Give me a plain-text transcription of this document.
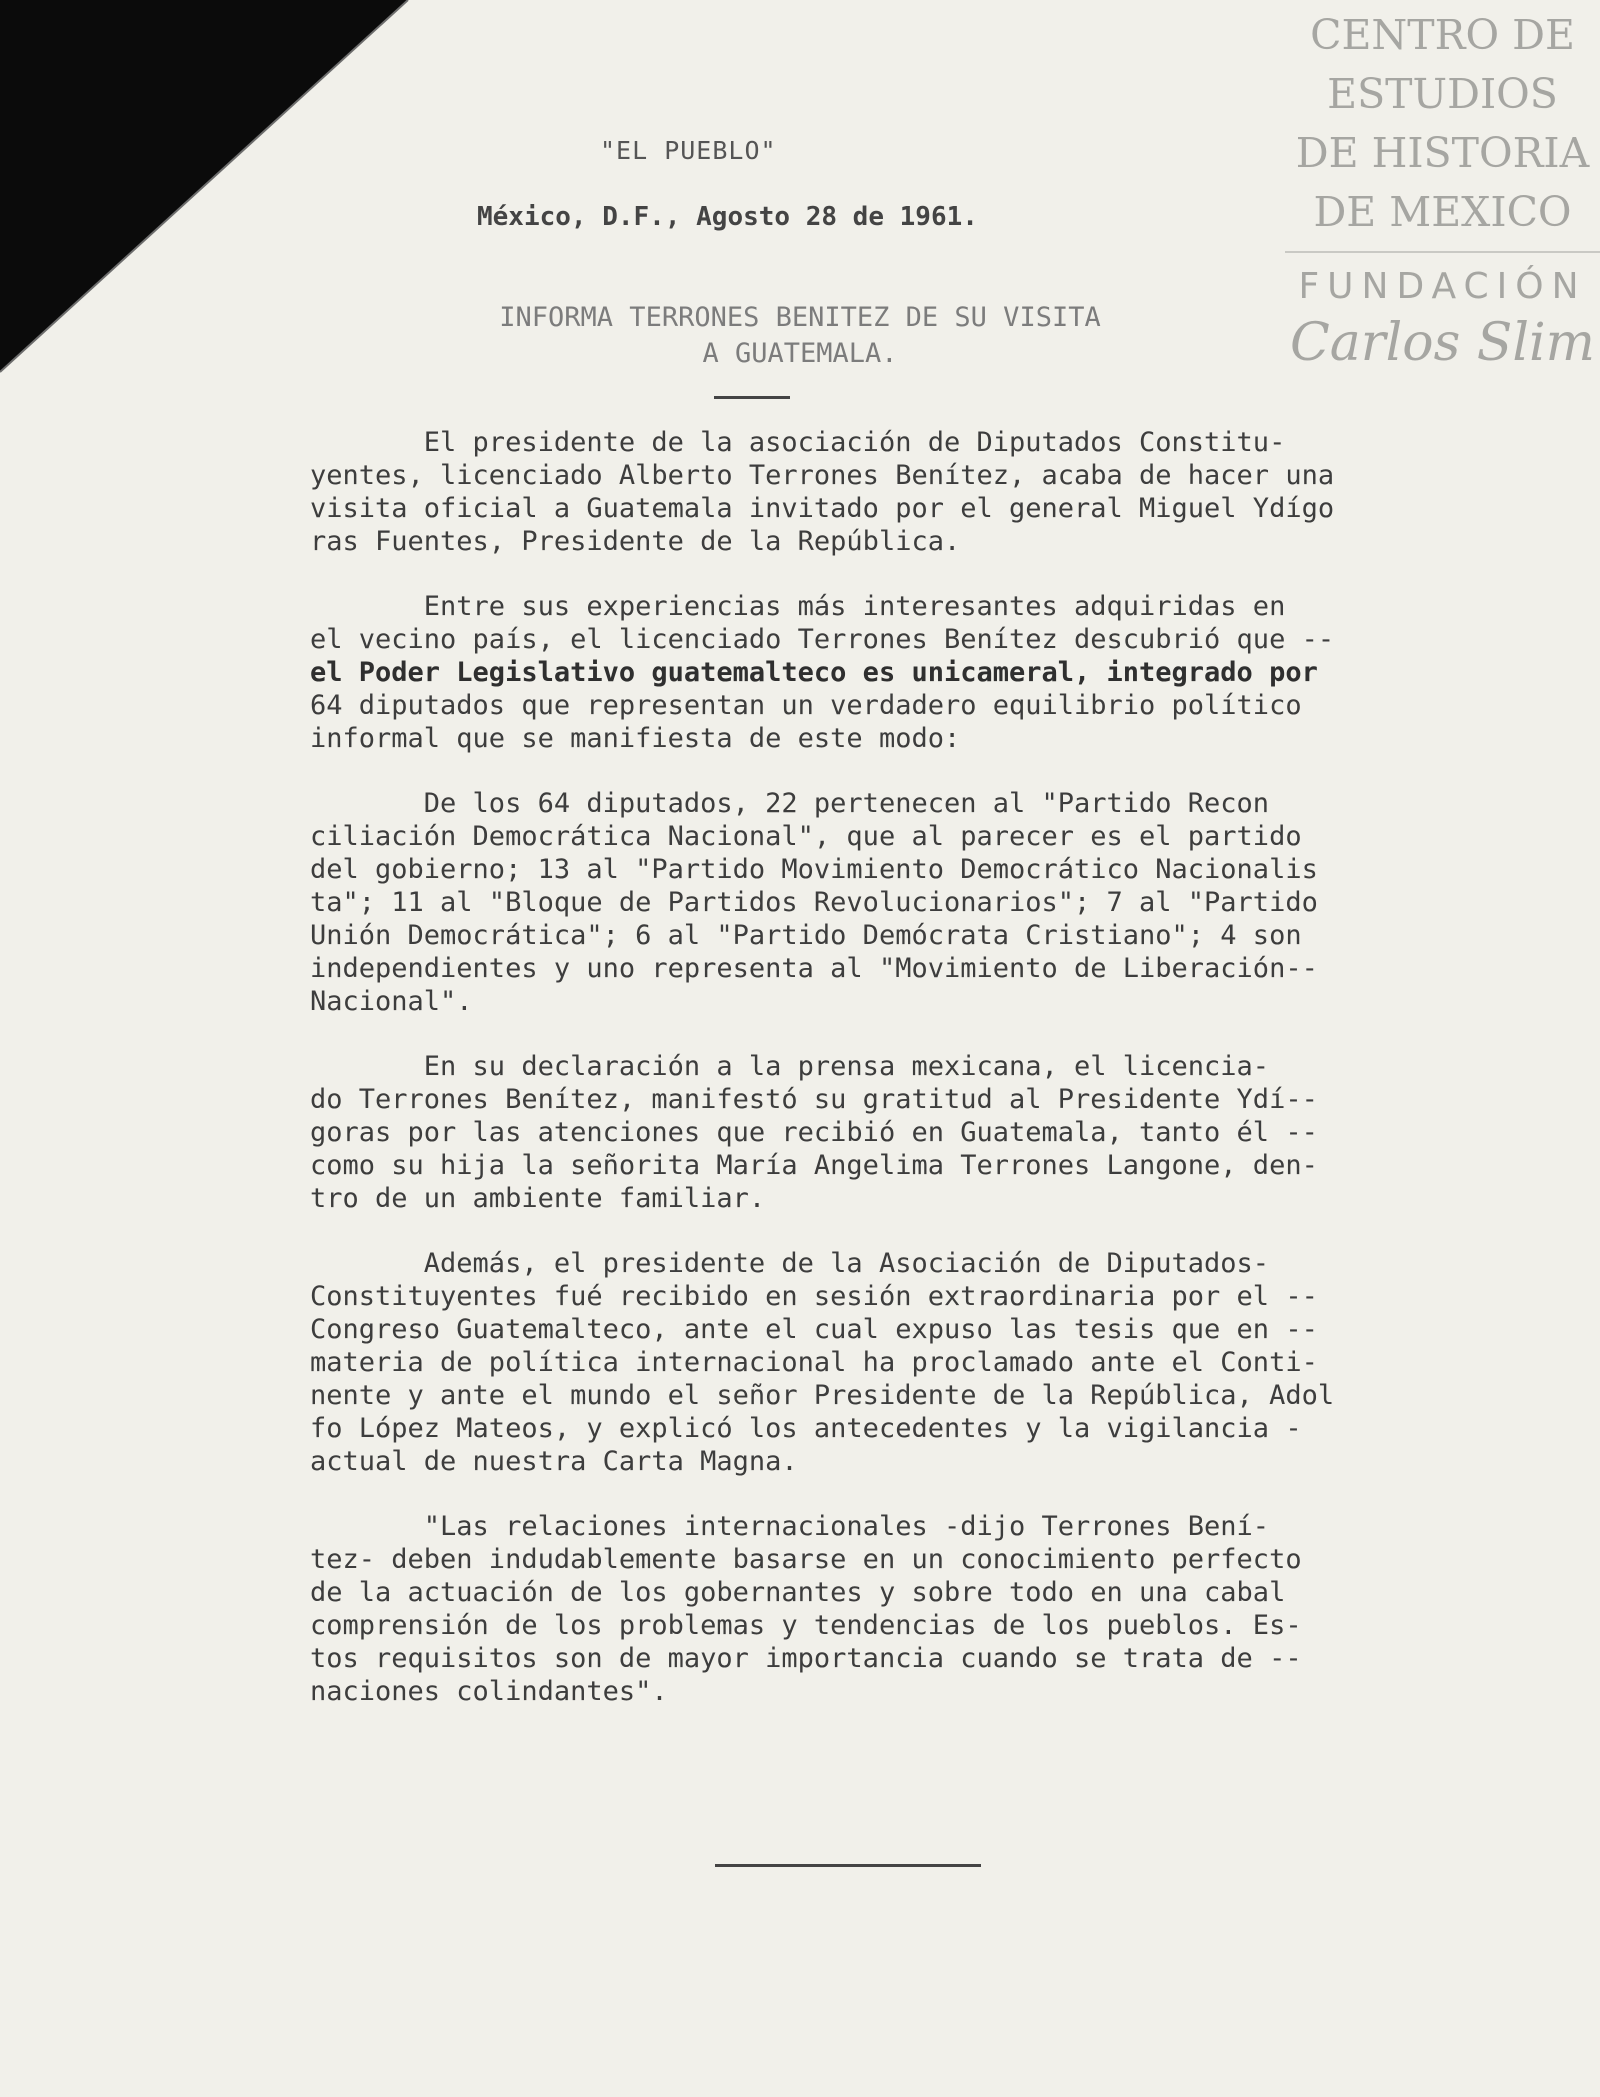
CENTRO DE
ESTUDIOS
DE HISTORIA
DE MEXICO
FUNDACIÓN
Carlos Slim
"EL PUEBLO"
México, D.F., Agosto 28 de 1961.
INFORMA TERRONES BENITEZ DE SU VISITA
A GUATEMALA.
El presidente de la asociación de Diputados Constitu-
yentes, licenciado Alberto Terrones Benítez, acaba de hacer una
visita oficial a Guatemala invitado por el general Miguel Ydígo
ras Fuentes, Presidente de la República.
Entre sus experiencias más interesantes adquiridas en
el vecino país, el licenciado Terrones Benítez descubrió que --
el Poder Legislativo guatemalteco es unicameral, integrado por
64 diputados que representan un verdadero equilibrio político
informal que se manifiesta de este modo:
De los 64 diputados, 22 pertenecen al "Partido Recon
ciliación Democrática Nacional", que al parecer es el partido
del gobierno; 13 al "Partido Movimiento Democrático Nacionalis
ta"; 11 al "Bloque de Partidos Revolucionarios"; 7 al "Partido
Unión Democrática"; 6 al "Partido Demócrata Cristiano"; 4 son
independientes y uno representa al "Movimiento de Liberación--
Nacional".
En su declaración a la prensa mexicana, el licencia-
do Terrones Benítez, manifestó su gratitud al Presidente Ydí--
goras por las atenciones que recibió en Guatemala, tanto él --
como su hija la señorita María Angelima Terrones Langone, den-
tro de un ambiente familiar.
Además, el presidente de la Asociación de Diputados-
Constituyentes fué recibido en sesión extraordinaria por el --
Congreso Guatemalteco, ante el cual expuso las tesis que en --
materia de política internacional ha proclamado ante el Conti-
nente y ante el mundo el señor Presidente de la República, Adol
fo López Mateos, y explicó los antecedentes y la vigilancia -
actual de nuestra Carta Magna.
"Las relaciones internacionales -dijo Terrones Bení-
tez- deben indudablemente basarse en un conocimiento perfecto
de la actuación de los gobernantes y sobre todo en una cabal
comprensión de los problemas y tendencias de los pueblos. Es-
tos requisitos son de mayor importancia cuando se trata de --
naciones colindantes".
